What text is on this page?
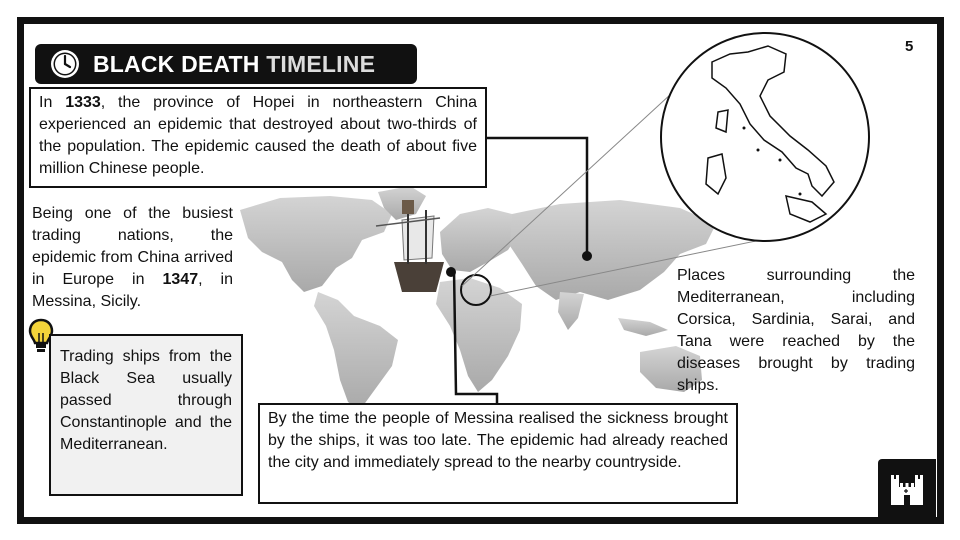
5
BLACK DEATH TIMELINE
In 1333, the province of Hopei in northeastern China experienced an epidemic that destroyed about two-thirds of the population. The epidemic caused the death of about five million Chinese people.
Being one of the busiest trading nations, the epidemic from China arrived in Europe in 1347, in Messina, Sicily.
Trading ships from the Black Sea usually passed through Constantinople and the Mediterranean.
Places surrounding the Mediterranean, including Corsica, Sardinia, Sarai, and Tana were reached by the diseases brought by trading ships.
By the time the people of Messina realised the sickness brought by the ships, it was too late. The epidemic had already reached the city and immediately spread to the nearby countryside.
